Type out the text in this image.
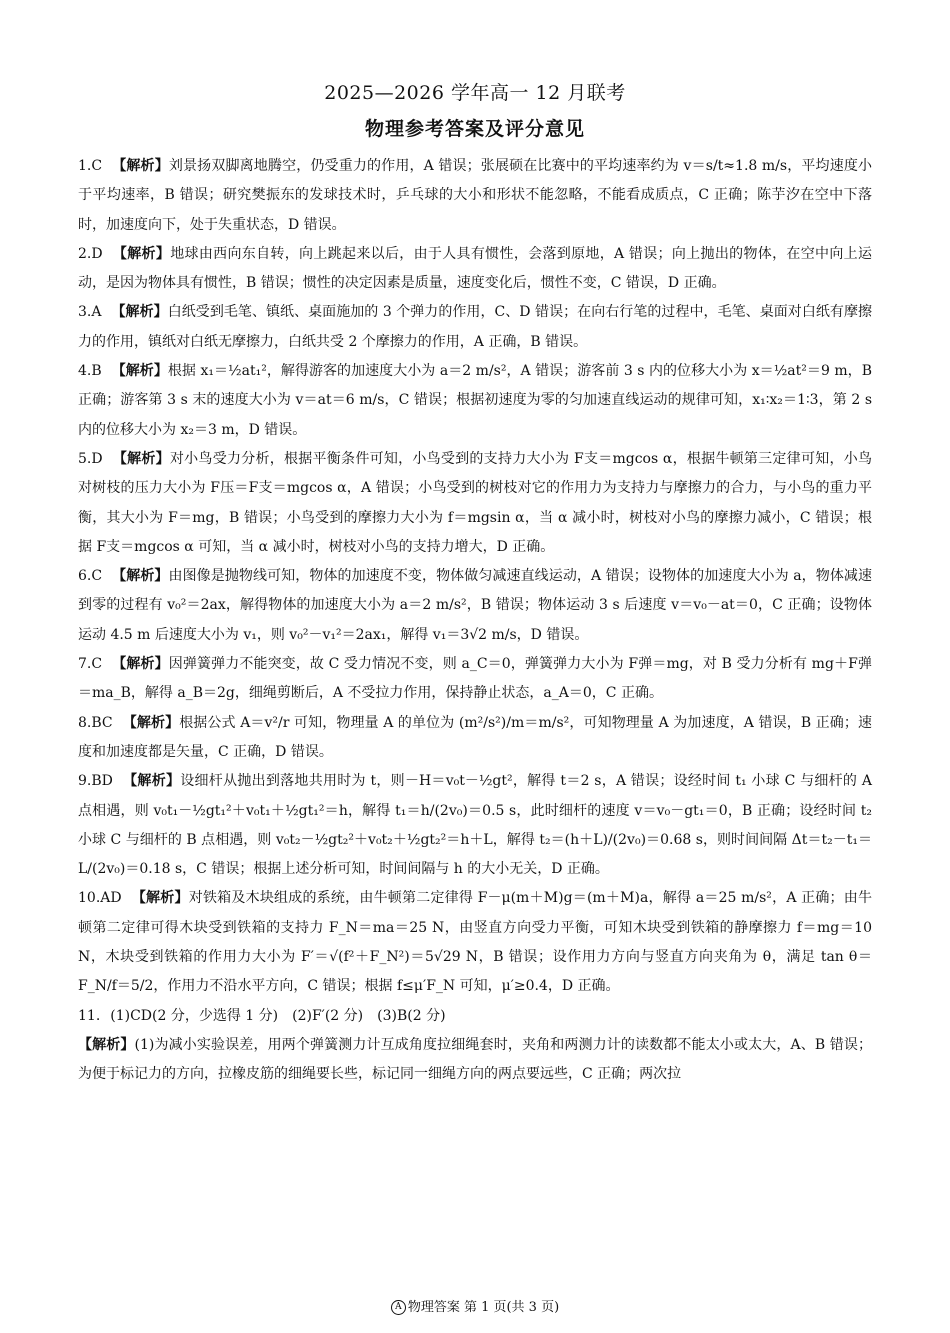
2025—2026 学年高一 12 月联考
物理参考答案及评分意见

1.C 【解析】刘景扬双脚离地腾空，仍受重力的作用，A 错误；张展硕在比赛中的平均速率约为 v＝s/t≈1.8 m/s，平均速度小于平均速率，B 错误；研究樊振东的发球技术时，乒乓球的大小和形状不能忽略，不能看成质点，C 正确；陈芋汐在空中下落时，加速度向下，处于失重状态，D 错误。

2.D 【解析】地球由西向东自转，向上跳起来以后，由于人具有惯性，会落到原地，A 错误；向上抛出的物体，在空中向上运动，是因为物体具有惯性，B 错误；惯性的决定因素是质量，速度变化后，惯性不变，C 错误，D 正确。

3.A 【解析】白纸受到毛笔、镇纸、桌面施加的 3 个弹力的作用，C、D 错误；在向右行笔的过程中，毛笔、桌面对白纸有摩擦力的作用，镇纸对白纸无摩擦力，白纸共受 2 个摩擦力的作用，A 正确，B 错误。

4.B 【解析】根据 x₁＝½at₁²，解得游客的加速度大小为 a＝2 m/s²，A 错误；游客前 3 s 内的位移大小为 x＝½at²＝9 m，B 正确；游客第 3 s 末的速度大小为 v＝at＝6 m/s，C 错误；根据初速度为零的匀加速直线运动的规律可知，x₁∶x₂＝1∶3，第 2 s 内的位移大小为 x₂＝3 m，D 错误。

5.D 【解析】对小鸟受力分析，根据平衡条件可知，小鸟受到的支持力大小为 F支＝mgcos α，根据牛顿第三定律可知，小鸟对树枝的压力大小为 F压＝F支＝mgcos α，A 错误；小鸟受到的树枝对它的作用力为支持力与摩擦力的合力，与小鸟的重力平衡，其大小为 F＝mg，B 错误；小鸟受到的摩擦力大小为 f＝mgsin α，当 α 减小时，树枝对小鸟的摩擦力减小，C 错误；根据 F支＝mgcos α 可知，当 α 减小时，树枝对小鸟的支持力增大，D 正确。

6.C 【解析】由图像是抛物线可知，物体的加速度不变，物体做匀减速直线运动，A 错误；设物体的加速度大小为 a，物体减速到零的过程有 v₀²＝2ax，解得物体的加速度大小为 a＝2 m/s²，B 错误；物体运动 3 s 后速度 v＝v₀－at＝0，C 正确；设物体运动 4.5 m 后速度大小为 v₁，则 v₀²－v₁²＝2ax₁，解得 v₁＝3√2 m/s，D 错误。

7.C 【解析】因弹簧弹力不能突变，故 C 受力情况不变，则 a_C＝0，弹簧弹力大小为 F弹＝mg，对 B 受力分析有 mg＋F弹＝ma_B，解得 a_B＝2g，细绳剪断后，A 不受拉力作用，保持静止状态，a_A＝0，C 正确。

8.BC 【解析】根据公式 A＝v²/r 可知，物理量 A 的单位为 (m²/s²)/m＝m/s²，可知物理量 A 为加速度，A 错误，B 正确；速度和加速度都是矢量，C 正确，D 错误。

9.BD 【解析】设细杆从抛出到落地共用时为 t，则－H＝v₀t－½gt²，解得 t＝2 s，A 错误；设经时间 t₁ 小球 C 与细杆的 A 点相遇，则 v₀t₁－½gt₁²＋v₀t₁＋½gt₁²＝h，解得 t₁＝h/(2v₀)＝0.5 s，此时细杆的速度 v＝v₀－gt₁＝0，B 正确；设经时间 t₂ 小球 C 与细杆的 B 点相遇，则 v₀t₂－½gt₂²＋v₀t₂＋½gt₂²＝h＋L，解得 t₂＝(h＋L)/(2v₀)＝0.68 s，则时间间隔 Δt＝t₂－t₁＝L/(2v₀)＝0.18 s，C 错误；根据上述分析可知，时间间隔与 h 的大小无关，D 正确。

10.AD 【解析】对铁箱及木块组成的系统，由牛顿第二定律得 F－μ(m＋M)g＝(m＋M)a，解得 a＝25 m/s²，A 正确；由牛顿第二定律可得木块受到铁箱的支持力 F_N＝ma＝25 N，由竖直方向受力平衡，可知木块受到铁箱的静摩擦力 f＝mg＝10 N，木块受到铁箱的作用力大小为 F′＝√(f²＋F_N²)＝5√29 N，B 错误；设作用力方向与竖直方向夹角为 θ，满足 tan θ＝F_N/f＝5/2，作用力不沿水平方向，C 错误；根据 f≤μ′F_N 可知，μ′≥0.4，D 正确。

11. (1)CD(2 分，少选得 1 分)　(2)F′(2 分)　(3)B(2 分)

【解析】(1)为减小实验误差，用两个弹簧测力计互成角度拉细绳套时，夹角和两测力计的读数都不能太小或太大，A、B 错误；为便于标记力的方向，拉橡皮筋的细绳要长些，标记同一细绳方向的两点要远些，C 正确；两次拉

A 物理答案 第 1 页(共 3 页)
